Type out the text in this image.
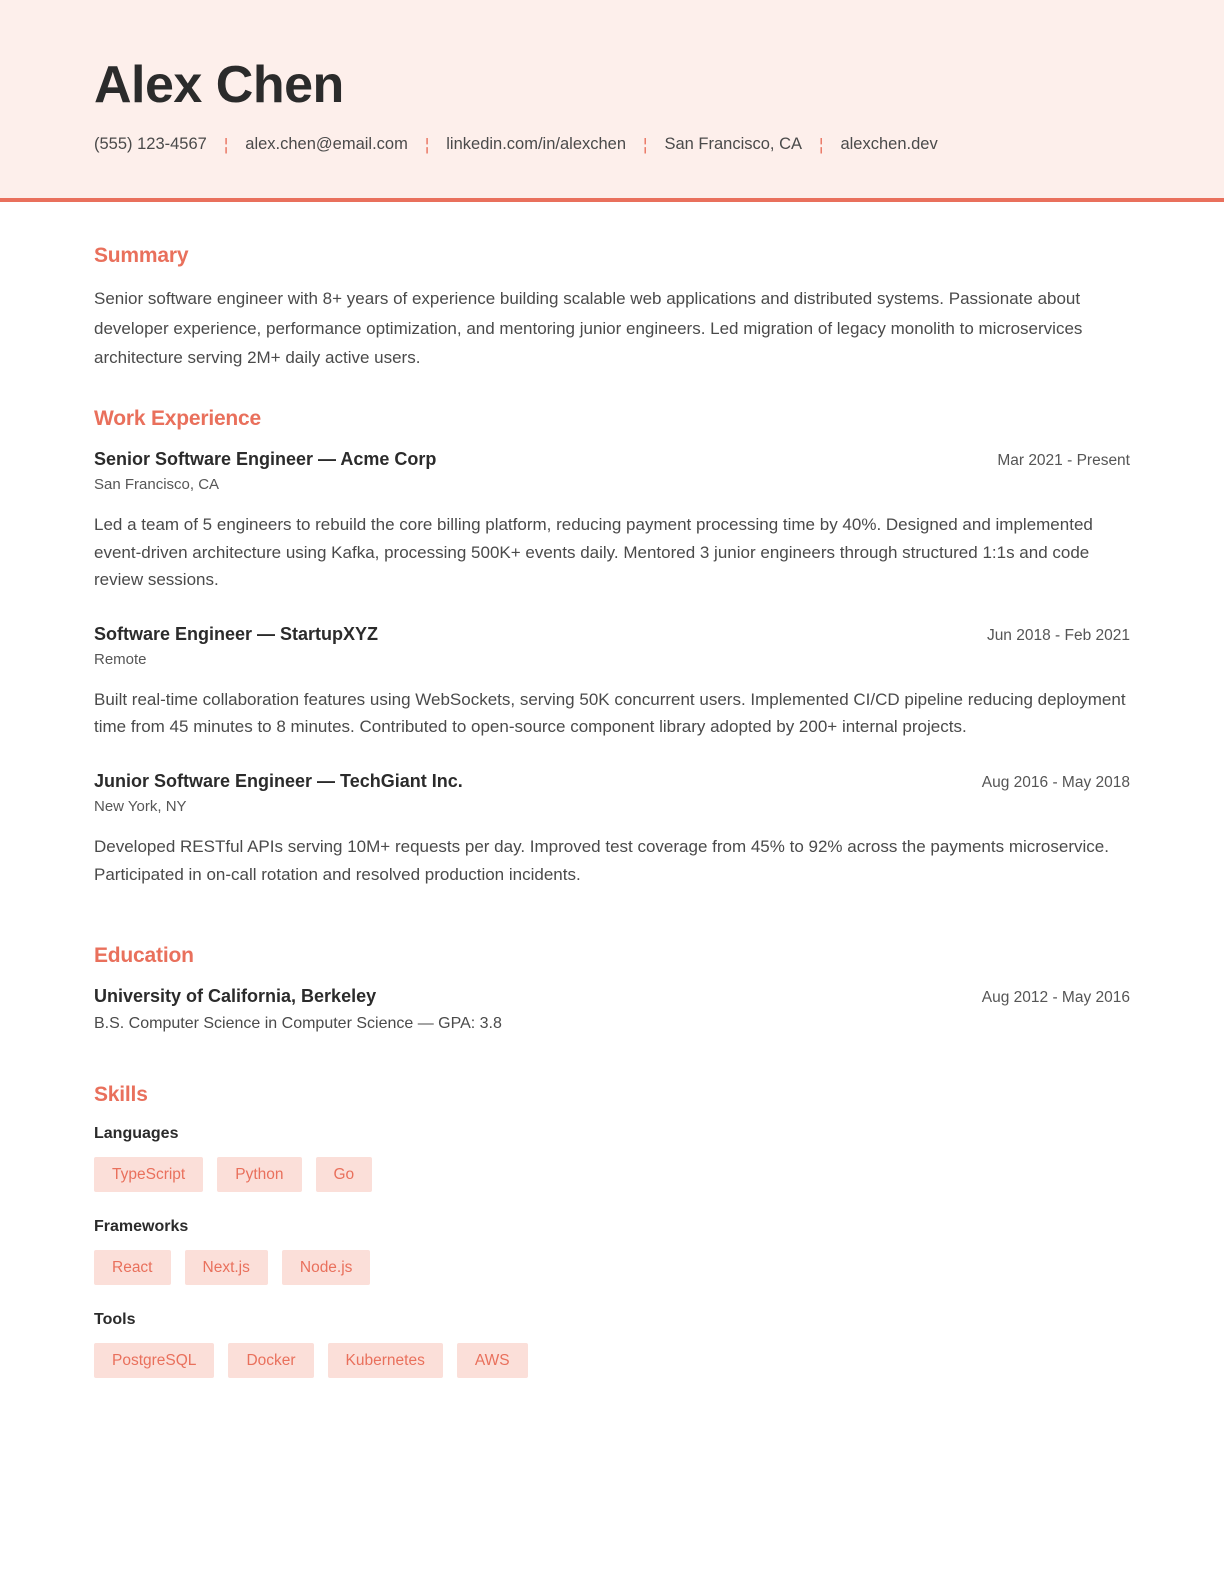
Alex Chen
(555) 123-4567 ¦ alex.chen@email.com ¦ linkedin.com/in/alexchen ¦ San Francisco, CA ¦ alexchen.dev
Summary

Senior software engineer with 8+ years of experience building scalable web applications and distributed systems. Passionate about developer experience, performance optimization, and mentoring junior engineers. Led migration of legacy monolith to microservices architecture serving 2M+ daily active users.

Work Experience
Senior Software Engineer — Acme Corp	Mar 2021 - Present
San Francisco, CA

Led a team of 5 engineers to rebuild the core billing platform, reducing payment processing time by 40%. Designed and implemented event-driven architecture using Kafka, processing 500K+ events daily. Mentored 3 junior engineers through structured 1:1s and code review sessions.

Software Engineer — StartupXYZ	Jun 2018 - Feb 2021
Remote

Built real-time collaboration features using WebSockets, serving 50K concurrent users. Implemented CI/CD pipeline reducing deployment time from 45 minutes to 8 minutes. Contributed to open-source component library adopted by 200+ internal projects.

Junior Software Engineer — TechGiant Inc.	Aug 2016 - May 2018
New York, NY

Developed RESTful APIs serving 10M+ requests per day. Improved test coverage from 45% to 92% across the payments microservice. Participated in on-call rotation and resolved production incidents.

Education
University of California, Berkeley	Aug 2012 - May 2016
B.S. Computer Science in Computer Science — GPA: 3.8
Skills
Languages
TypeScript	Python	Go
Frameworks
React	Next.js	Node.js
Tools
PostgreSQL	Docker	Kubernetes	AWS
